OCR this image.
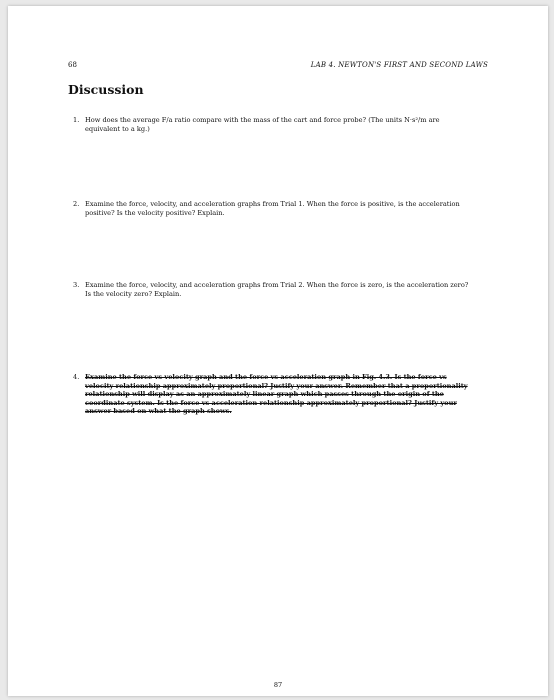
68	LAB 4. NEWTON'S FIRST AND SECOND LAWS
Discussion
1. How does the average F/a ratio compare with the mass of the cart and force probe? (The units N·s²/m are equivalent to a kg.)
2. Examine the force, velocity, and acceleration graphs from Trial 1. When the force is positive, is the acceleration positive? Is the velocity positive? Explain.
3. Examine the force, velocity, and acceleration graphs from Trial 2. When the force is zero, is the acceleration zero? Is the velocity zero? Explain.
4. Examine the force vs velocity graph and the force vs acceleration graph in Fig. 4.3. Is the force vs velocity relationship approximately proportional? Justify your answer. Remember that a proportionality relationship will display as an approximately linear graph which passes through the origin of the coordinate system. Is the force vs acceleration relationship approximately proportional? Justify your answer based on what the graph shows.
87
